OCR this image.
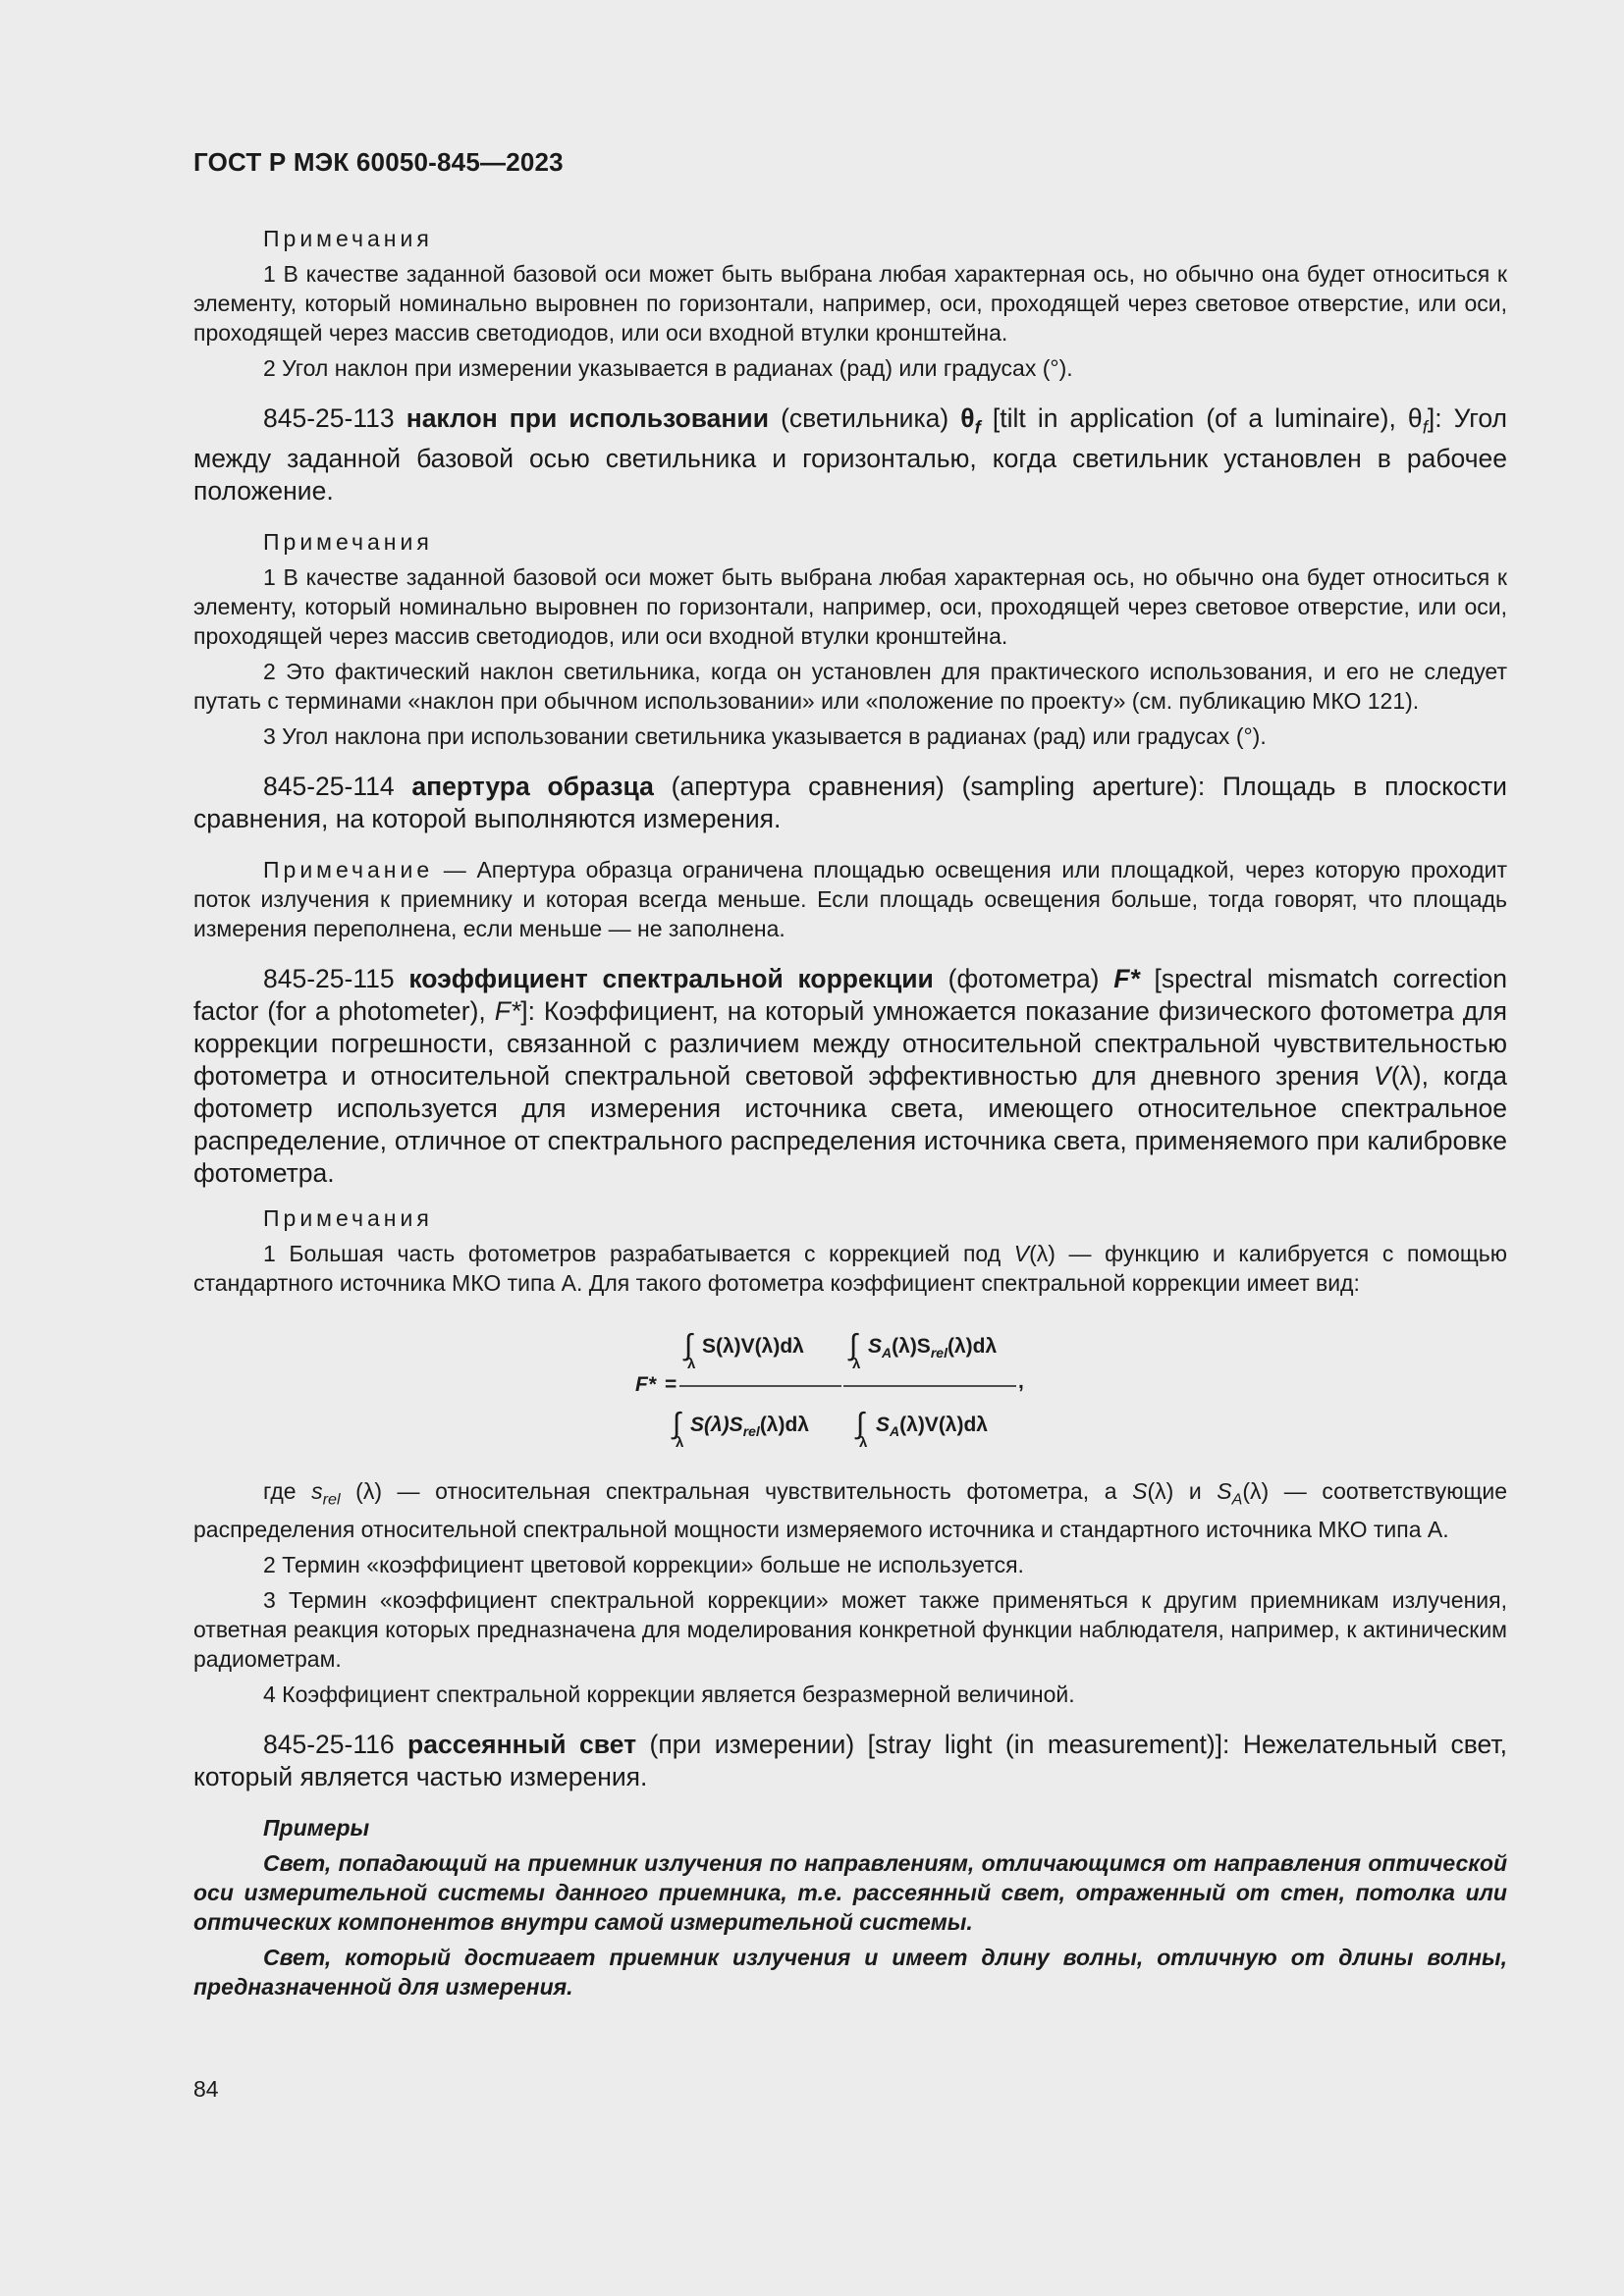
ГОСТ Р МЭК 60050-845—2023

Примечания

1 В качестве заданной базовой оси может быть выбрана любая характерная ось, но обычно она будет относиться к элементу, который номинально выровнен по горизонтали, например, оси, проходящей через световое отверстие, или оси, проходящей через массив светодиодов, или оси входной втулки кронштейна.

2 Угол наклон при измерении указывается в радианах (рад) или градусах (°).

845-25-113 наклон при использовании (светильника) $\theta_f$ [tilt in application (of a luminaire), $\theta_f$]: Угол между заданной базовой осью светильника и горизонталью, когда светильник установлен в рабочее положение.

Примечания

1 В качестве заданной базовой оси может быть выбрана любая характерная ось, но обычно она будет относиться к элементу, который номинально выровнен по горизонтали, например, оси, проходящей через световое отверстие, или оси, проходящей через массив светодиодов, или оси входной втулки кронштейна.

2 Это фактический наклон светильника, когда он установлен для практического использования, и его не следует путать с терминами «наклон при обычном использовании» или «положение по проекту» (см. публикацию МКО 121).

3 Угол наклона при использовании светильника указывается в радианах (рад) или градусах (°).

845-25-114 апертура образца (апертура сравнения) (sampling aperture): Площадь в плоскости сравнения, на которой выполняются измерения.

Примечание — Апертура образца ограничена площадью освещения или площадкой, через которую проходит поток излучения к приемнику и которая всегда меньше. Если площадь освещения больше, тогда говорят, что площадь измерения переполнена, если меньше — не заполнена.

845-25-115 коэффициент спектральной коррекции (фотометра) F* [spectral mismatch correction factor (for a photometer), F*]: Коэффициент, на который умножается показание физического фотометра для коррекции погрешности, связанной с различием между относительной спектральной чувствительностью фотометра и относительной спектральной световой эффективностью для дневного зрения V(λ), когда фотометр используется для измерения источника света, имеющего относительное спектральное распределение, отличное от спектрального распределения источника света, применяемого при калибровке фотометра.

Примечания

1 Большая часть фотометров разрабатывается с коррекцией под V(λ) — функцию и калибруется с помощью стандартного источника МКО типа А. Для такого фотометра коэффициент спектральной коррекции имеет вид:

F* =
∫
λ
S(λ)V(λ)dλ ∫
λ
$S_A(\lambda)S_{rel}(\lambda)d\lambda$
,
∫
λ
$S(\lambda)S_{rel}(\lambda)d\lambda$ ∫
λ
$S_A(\lambda)V(\lambda)d\lambda$

где $s_{rel}$ (λ) — относительная спектральная чувствительность фотометра, а S(λ) и $S_A(\lambda)$ — соответствующие распределения относительной спектральной мощности измеряемого источника и стандартного источника МКО типа А.

2 Термин «коэффициент цветовой коррекции» больше не используется.

3 Термин «коэффициент спектральной коррекции» может также применяться к другим приемникам излучения, ответная реакция которых предназначена для моделирования конкретной функции наблюдателя, например, к актиническим радиометрам.

4 Коэффициент спектральной коррекции является безразмерной величиной.

845-25-116 рассеянный свет (при измерении) [stray light (in measurement)]: Нежелательный свет, который является частью измерения.

Примеры

Свет, попадающий на приемник излучения по направлениям, отличающимся от направления оптической оси измерительной системы данного приемника, т.е. рассеянный свет, отраженный от стен, потолка или оптических компонентов внутри самой измерительной системы.

Свет, который достигает приемник излучения и имеет длину волны, отличную от длины волны, предназначенной для измерения.

84
